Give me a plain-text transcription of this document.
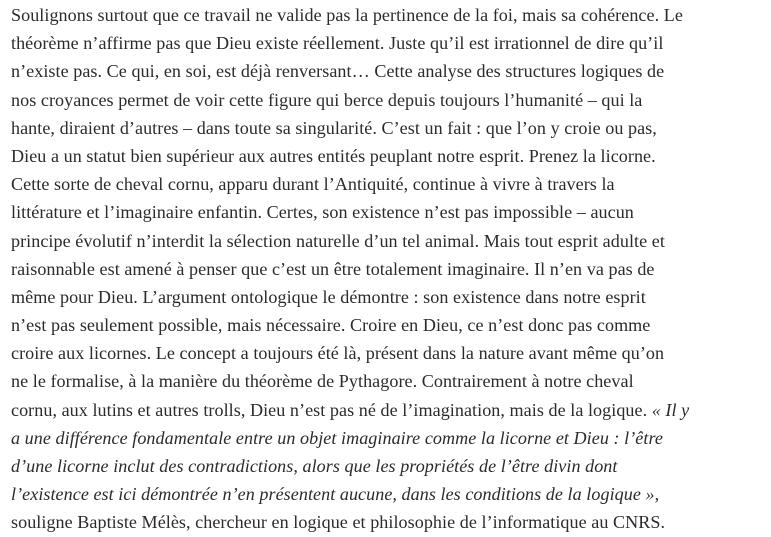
Soulignons surtout que ce travail ne valide pas la pertinence de la foi, mais sa cohérence. Le
théorème n’affirme pas que Dieu existe réellement. Juste qu’il est irrationnel de dire qu’il
n’existe pas. Ce qui, en soi, est déjà renversant… Cette analyse des structures logiques de
nos croyances permet de voir cette figure qui berce depuis toujours l’humanité – qui la
hante, diraient d’autres – dans toute sa singularité. C’est un fait : que l’on y croie ou pas,
Dieu a un statut bien supérieur aux autres entités peuplant notre esprit. Prenez la licorne.
Cette sorte de cheval cornu, apparu durant l’Antiquité, continue à vivre à travers la
littérature et l’imaginaire enfantin. Certes, son existence n’est pas impossible – aucun
principe évolutif n’interdit la sélection naturelle d’un tel animal. Mais tout esprit adulte et
raisonnable est amené à penser que c’est un être totalement imaginaire. Il n’en va pas de
même pour Dieu. L’argument ontologique le démontre : son existence dans notre esprit
n’est pas seulement possible, mais nécessaire. Croire en Dieu, ce n’est donc pas comme
croire aux licornes. Le concept a toujours été là, présent dans la nature avant même qu’on
ne le formalise, à la manière du théorème de Pythagore. Contrairement à notre cheval
cornu, aux lutins et autres trolls, Dieu n’est pas né de l’imagination, mais de la logique. « Il y
a une différence fondamentale entre un objet imaginaire comme la licorne et Dieu : l’être
d’une licorne inclut des contradictions, alors que les propriétés de l’être divin dont
l’existence est ici démontrée n’en présentent aucune, dans les conditions de la logique »,
souligne Baptiste Mélès, chercheur en logique et philosophie de l’informatique au CNRS.
